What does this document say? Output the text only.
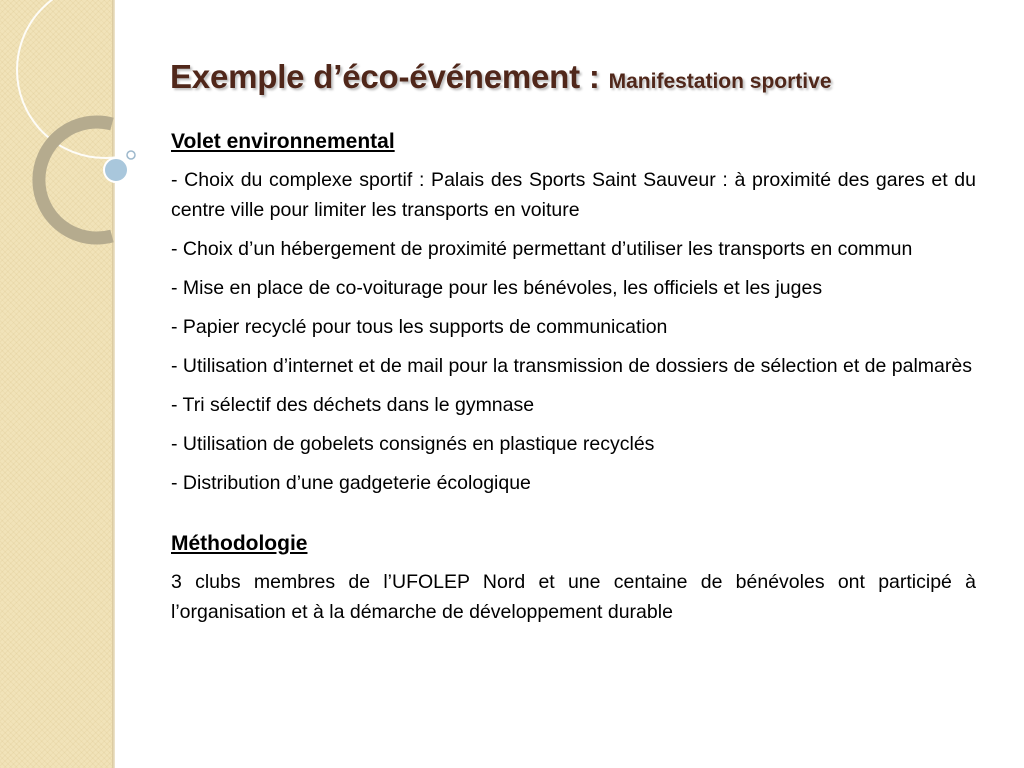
Exemple d’éco-événement : Manifestation sportive

Volet environnemental

- Choix du complexe sportif : Palais des Sports Saint Sauveur : à proximité des gares et du centre ville pour limiter les transports en voiture

- Choix d’un hébergement de proximité permettant d’utiliser les transports en commun

- Mise en place de co-voiturage pour les bénévoles, les officiels et les juges

- Papier recyclé pour tous les supports de communication

- Utilisation d’internet et de mail pour la transmission de dossiers de sélection et de palmarès

- Tri sélectif des déchets dans le gymnase

- Utilisation de gobelets consignés en plastique recyclés

- Distribution d’une gadgeterie écologique

Méthodologie

3 clubs membres de l’UFOLEP Nord et une centaine de bénévoles ont participé à l’organisation et à la démarche de développement durable
